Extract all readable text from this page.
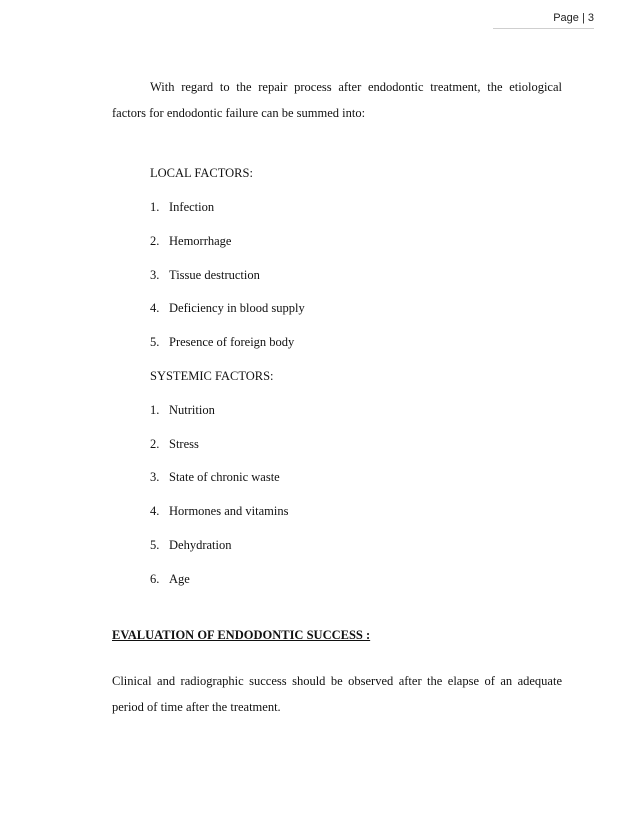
Page | 3

With regard to the repair process after endodontic treatment, the etiological factors for endodontic failure can be summed into:

LOCAL FACTORS:

1. Infection

2. Hemorrhage

3. Tissue destruction

4. Deficiency in blood supply

5. Presence of foreign body

SYSTEMIC FACTORS:

1. Nutrition

2. Stress

3. State of chronic waste

4. Hormones and vitamins

5. Dehydration

6. Age

EVALUATION OF ENDODONTIC SUCCESS :

Clinical and radiographic success should be observed after the elapse of an adequate period of time after the treatment.
